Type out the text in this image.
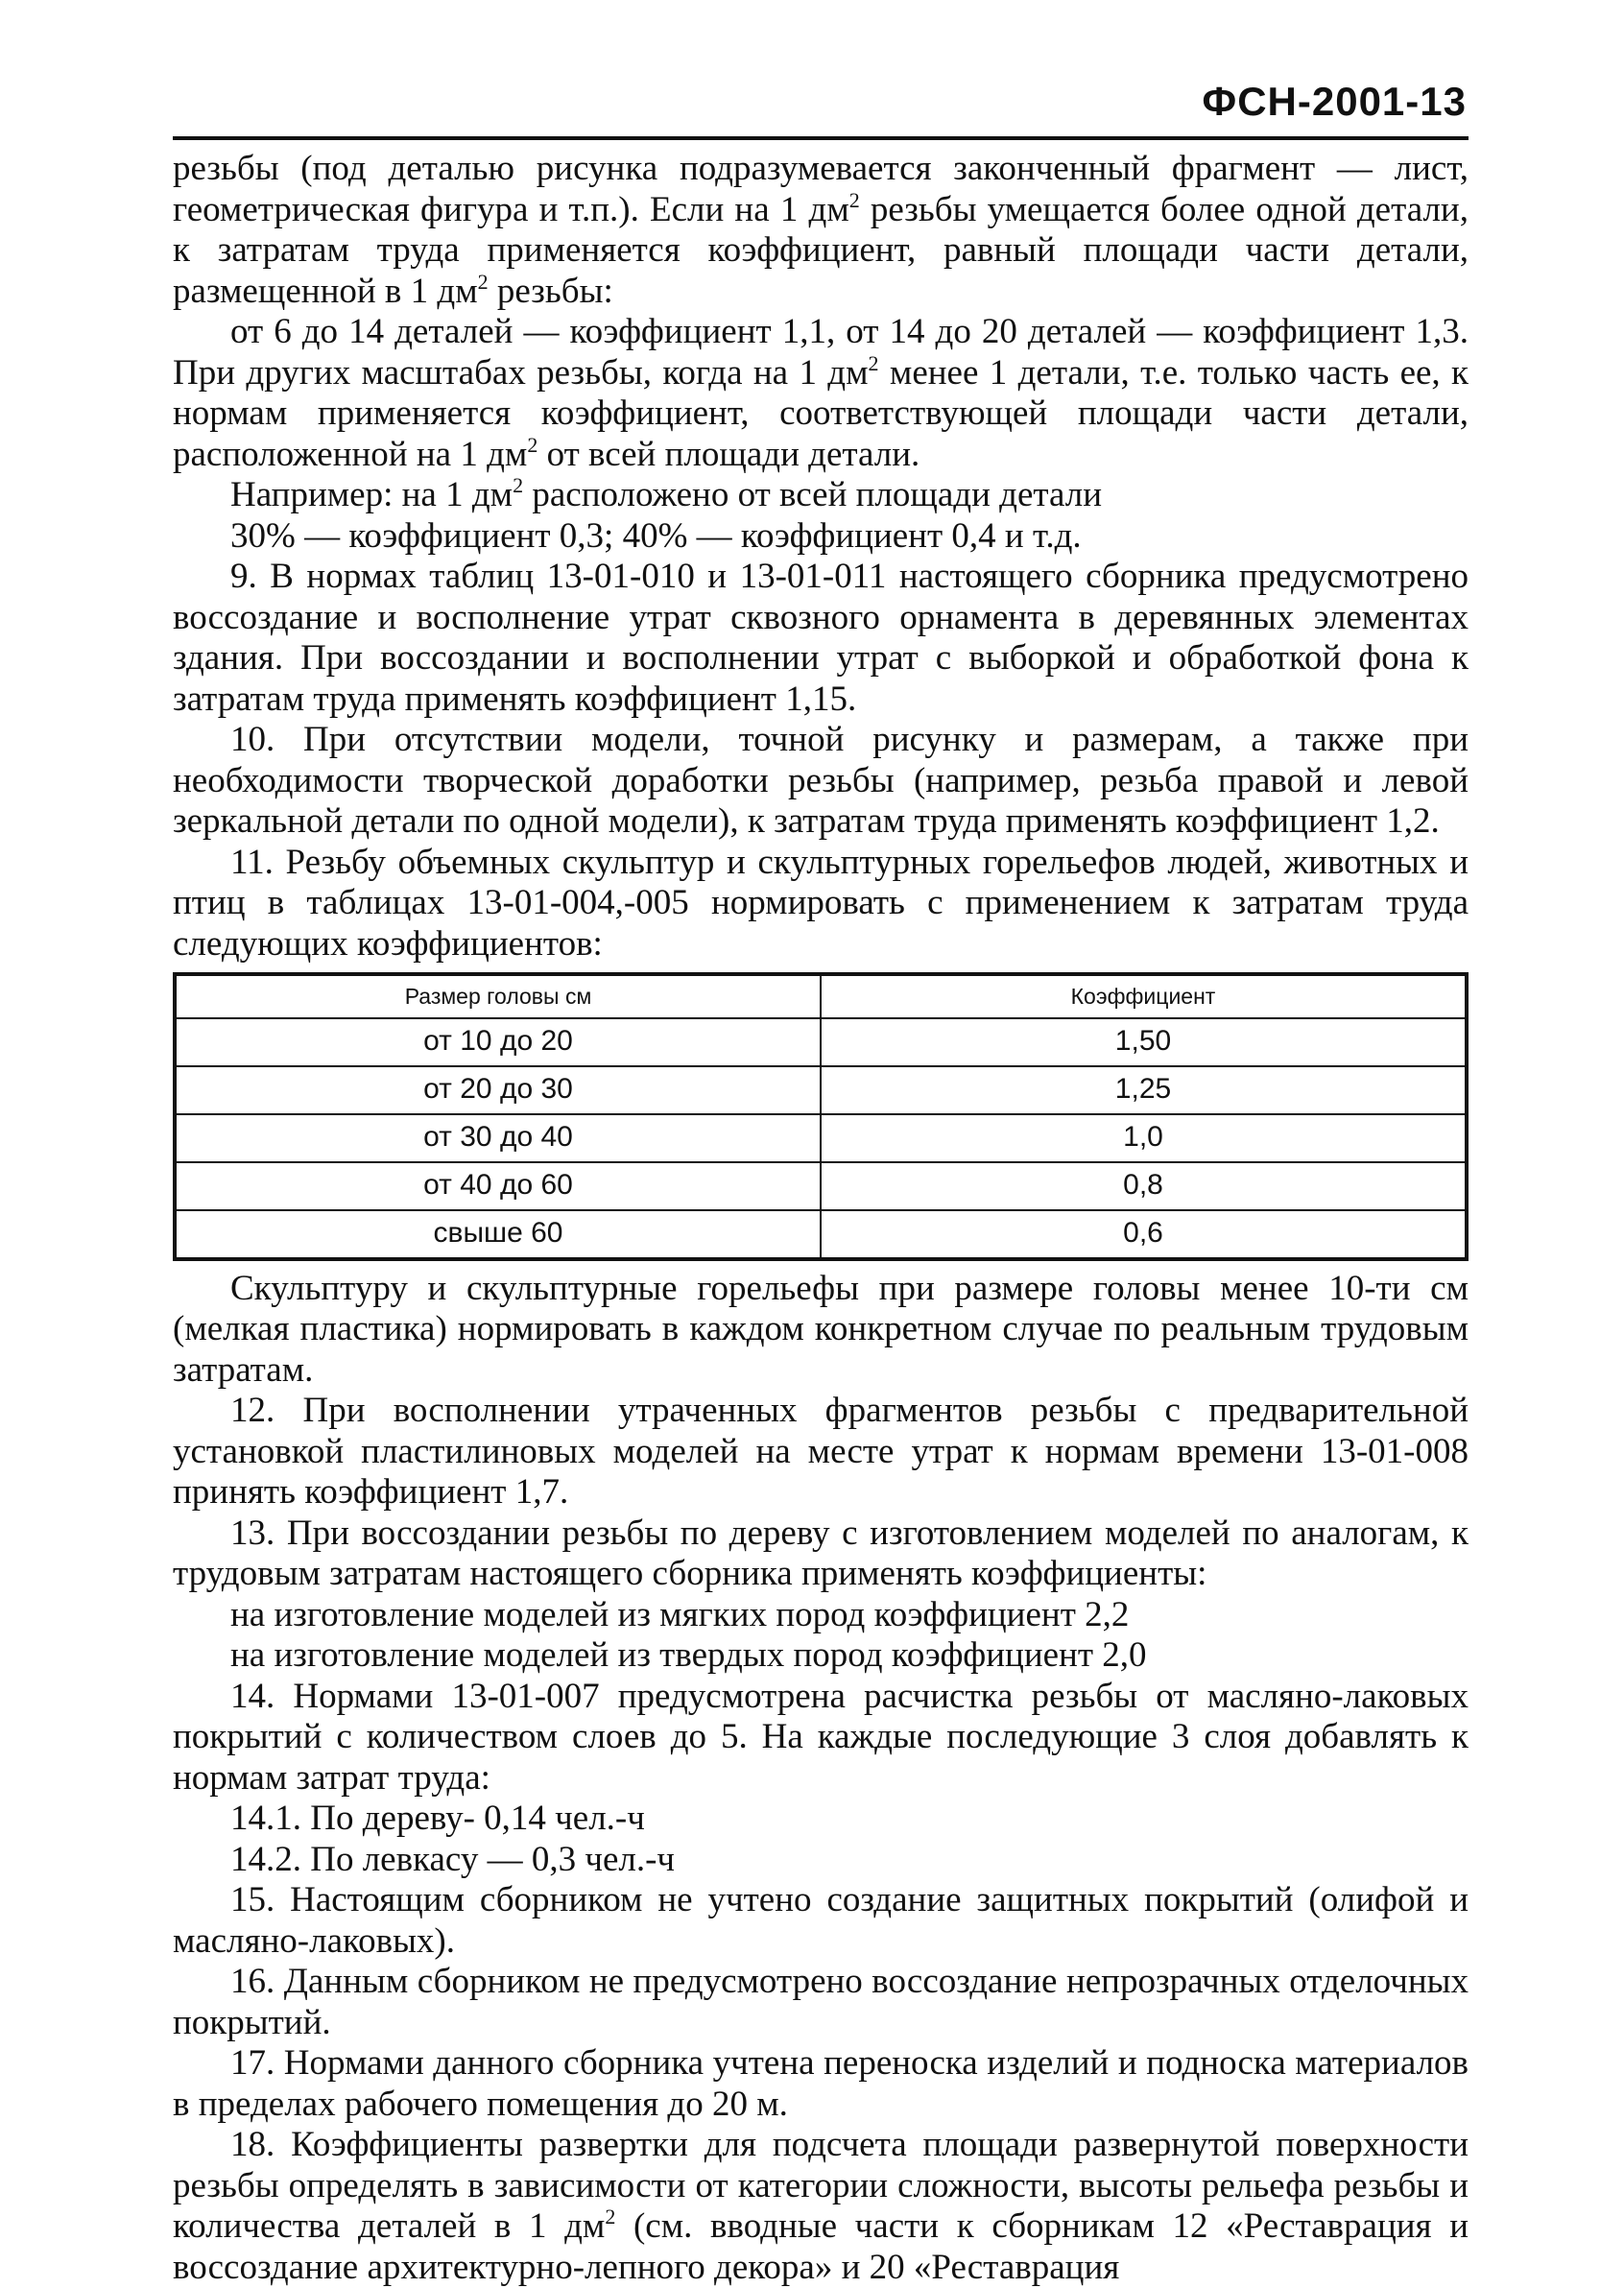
ФСН-2001-13

резьбы (под деталью рисунка подразумевается законченный фрагмент — лист, геометрическая фигура и т.п.). Если на 1 $дм^2$ резьбы умещается более одной детали, к затратам труда применяется коэффициент, равный площади части детали, размещенной в 1 $дм^2$ резьбы:

от 6 до 14 деталей — коэффициент 1,1, от 14 до 20 деталей — коэффициент 1,3. При других масштабах резьбы, когда на 1 $дм^2$ менее 1 детали, т.е. только часть ее, к нормам применяется коэффициент, соответствующей площади части детали, расположенной на 1 $дм^2$ от всей площади детали.

Например: на 1 $дм^2$ расположено от всей площади детали

30% — коэффициент 0,3; 40% — коэффициент 0,4 и т.д.

9. В нормах таблиц 13-01-010 и 13-01-011 настоящего сборника предусмотрено воссоздание и восполнение утрат сквозного орнамента в деревянных элементах здания. При воссоздании и восполнении утрат с выборкой и обработкой фона к затратам труда применять коэффициент 1,15.

10. При отсутствии модели, точной рисунку и размерам, а также при необходимости творческой доработки резьбы (например, резьба правой и левой зеркальной детали по одной модели), к затратам труда применять коэффициент 1,2.

11. Резьбу объемных скульптур и скульптурных горельефов людей, животных и птиц в таблицах 13-01-004,-005 нормировать с применением к затратам труда следующих коэффициентов:

Размер головы см	Коэффициент
от 10 до 20	1,50
от 20 до 30	1,25
от 30 до 40	1,0
от 40 до 60	0,8
свыше 60	0,6

Скульптуру и скульптурные горельефы при размере головы менее 10-ти см (мелкая пластика) нормировать в каждом конкретном случае по реальным трудовым затратам.

12. При восполнении утраченных фрагментов резьбы с предварительной установкой пластилиновых моделей на месте утрат к нормам времени 13-01-008 принять коэффициент 1,7.

13. При воссоздании резьбы по дереву с изготовлением моделей по аналогам, к трудовым затратам настоящего сборника применять коэффициенты:

на изготовление моделей из мягких пород коэффициент 2,2

на изготовление моделей из твердых пород коэффициент 2,0

14. Нормами 13-01-007 предусмотрена расчистка резьбы от масляно-лаковых покрытий с количеством слоев до 5. На каждые последующие 3 слоя добавлять к нормам затрат труда:

14.1. По дереву- 0,14 чел.-ч

14.2. По левкасу — 0,3 чел.-ч

15. Настоящим сборником не учтено создание защитных покрытий (олифой и масляно-лаковых).

16. Данным сборником не предусмотрено воссоздание непрозрачных отделочных покрытий.

17. Нормами данного сборника учтена переноска изделий и подноска материалов в пределах рабочего помещения до 20 м.

18. Коэффициенты развертки для подсчета площади развернутой поверхности резьбы определять в зависимости от категории сложности, высоты рельефа резьбы и количества деталей в 1 $дм^2$ (см. вводные части к сборникам 12 «Реставрация и воссоздание архитектурно-лепного декора» и 20 «Реставрация
